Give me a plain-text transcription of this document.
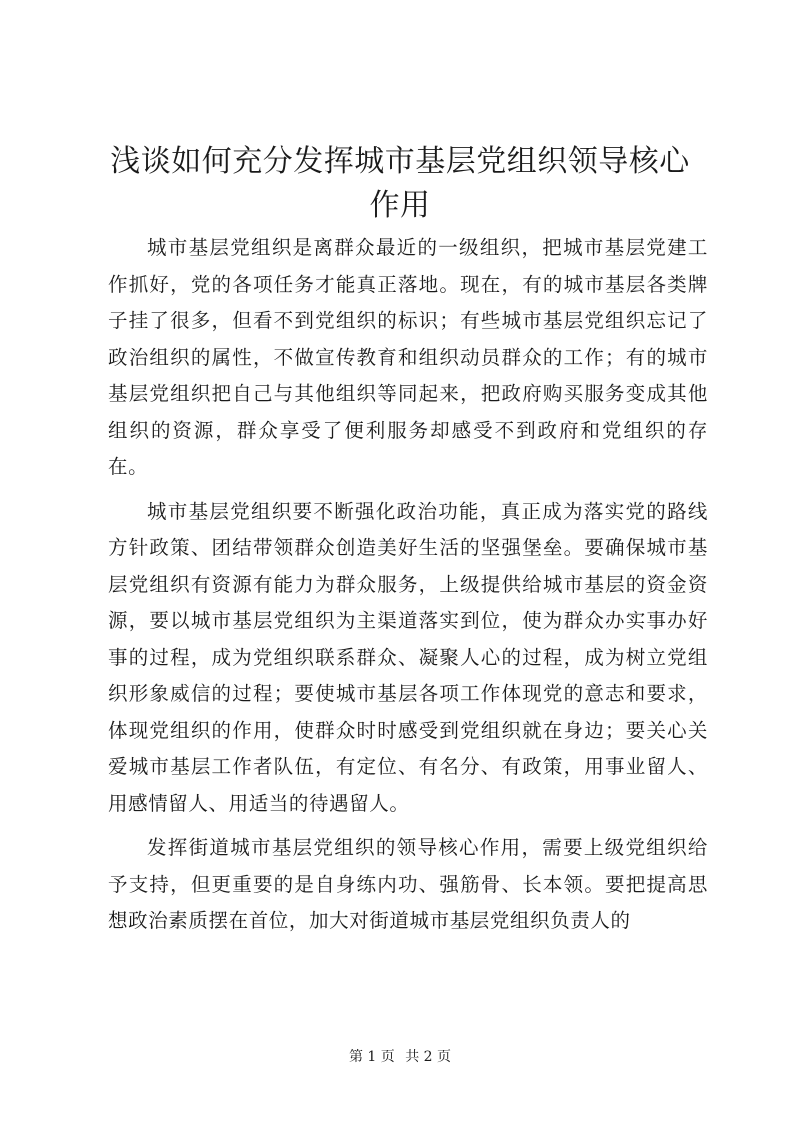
浅谈如何充分发挥城市基层党组织领导核心作用

城市基层党组织是离群众最近的一级组织，把城市基层党建工作抓好，党的各项任务才能真正落地。现在，有的城市基层各类牌子挂了很多，但看不到党组织的标识；有些城市基层党组织忘记了政治组织的属性，不做宣传教育和组织动员群众的工作；有的城市基层党组织把自己与其他组织等同起来，把政府购买服务变成其他组织的资源，群众享受了便利服务却感受不到政府和党组织的存在。

城市基层党组织要不断强化政治功能，真正成为落实党的路线方针政策、团结带领群众创造美好生活的坚强堡垒。要确保城市基层党组织有资源有能力为群众服务，上级提供给城市基层的资金资源，要以城市基层党组织为主渠道落实到位，使为群众办实事办好事的过程，成为党组织联系群众、凝聚人心的过程，成为树立党组织形象威信的过程；要使城市基层各项工作体现党的意志和要求，体现党组织的作用，使群众时时感受到党组织就在身边；要关心关爱城市基层工作者队伍，有定位、有名分、有政策，用事业留人、用感情留人、用适当的待遇留人。

发挥街道城市基层党组织的领导核心作用，需要上级党组织给予支持，但更重要的是自身练内功、强筋骨、长本领。要把提高思想政治素质摆在首位，加大对街道城市基层党组织负责人的

第 1 页 共 2 页
